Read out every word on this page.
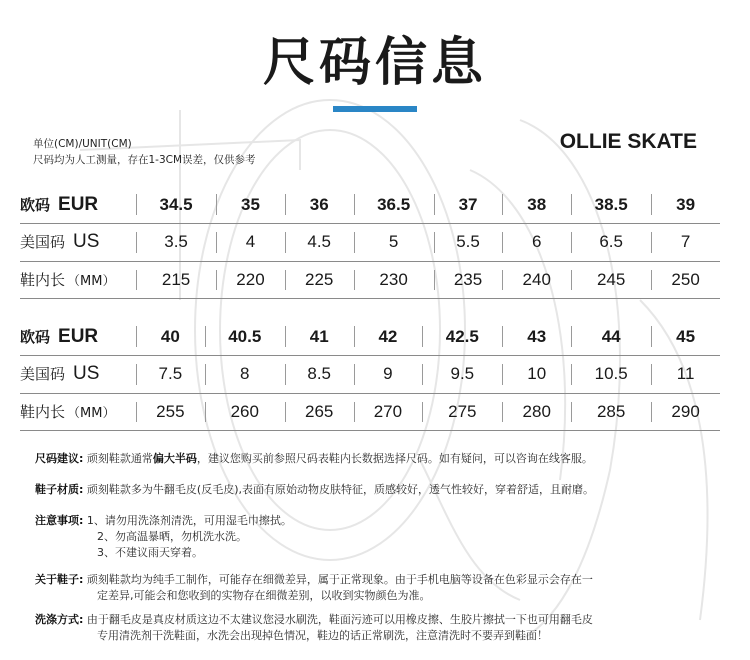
尺码信息
单位(CM)/UNIT(CM)
尺码均为人工测量，存在1-3CM误差，仅供参考
OLLIE SKATE
欧码 EUR	34.5	35	36	36.5	37	38	38.5	39
美国码 US	3.5	4	4.5	5	5.5	6	6.5	7
鞋内长 （MM）	215	220	225	230	235	240	245	250
欧码 EUR	40	40.5	41	42	42.5	43	44	45
美国码 US	7.5	8	8.5	9	9.5	10	10.5	11
鞋内长 （MM）	255	260	265	270	275	280	285	290
尺码建议: 顽刻鞋款通常偏大半码，建议您购买前参照尺码表鞋内长数据选择尺码。如有疑问，可以咨询在线客服。
鞋子材质: 顽刻鞋款多为牛翻毛皮(反毛皮),表面有原始动物皮肤特征，质感较好，透气性较好，穿着舒适，且耐磨。
注意事项: 1、请勿用洗涤剂清洗，可用湿毛巾擦拭。
2、勿高温暴晒，勿机洗水洗。
3、不建议雨天穿着。
关于鞋子: 顽刻鞋款均为纯手工制作，可能存在细微差异，属于正常现象。由于手机电脑等设备在色彩显示会存在一
定差异,可能会和您收到的实物存在细微差别，以收到实物颜色为准。
洗涤方式: 由于翻毛皮是真皮材质这边不太建议您浸水刷洗，鞋面污迹可以用橡皮擦、生胶片擦拭一下也可用翻毛皮
专用清洗剂干洗鞋面，水洗会出现掉色情况，鞋边的话正常刷洗，注意清洗时不要弄到鞋面！
